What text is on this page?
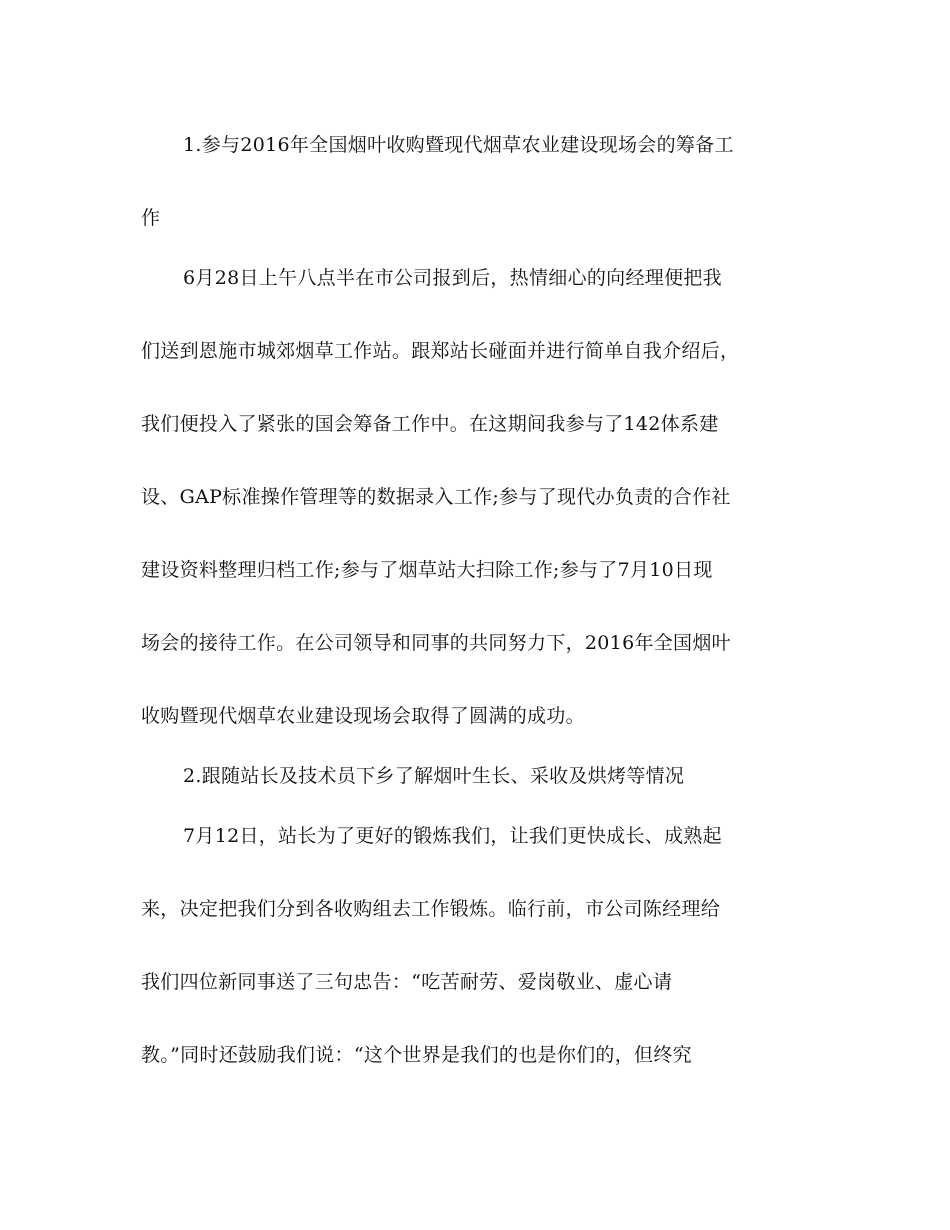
1.参与2016年全国烟叶收购暨现代烟草农业建设现场会的筹备工
作
6月28日上午八点半在市公司报到后，热情细心的向经理便把我
们送到恩施市城郊烟草工作站。跟郑站长碰面并进行简单自我介绍后，
我们便投入了紧张的国会筹备工作中。在这期间我参与了142体系建
设、GAP标准操作管理等的数据录入工作;参与了现代办负责的合作社
建设资料整理归档工作;参与了烟草站大扫除工作;参与了7月10日现
场会的接待工作。在公司领导和同事的共同努力下，2016年全国烟叶
收购暨现代烟草农业建设现场会取得了圆满的成功。
2.跟随站长及技术员下乡了解烟叶生长、采收及烘烤等情况
7月12日，站长为了更好的锻炼我们，让我们更快成长、成熟起
来，决定把我们分到各收购组去工作锻炼。临行前，市公司陈经理给
我们四位新同事送了三句忠告：“吃苦耐劳、爱岗敬业、虚心请
教。”同时还鼓励我们说：“这个世界是我们的也是你们的，但终究
